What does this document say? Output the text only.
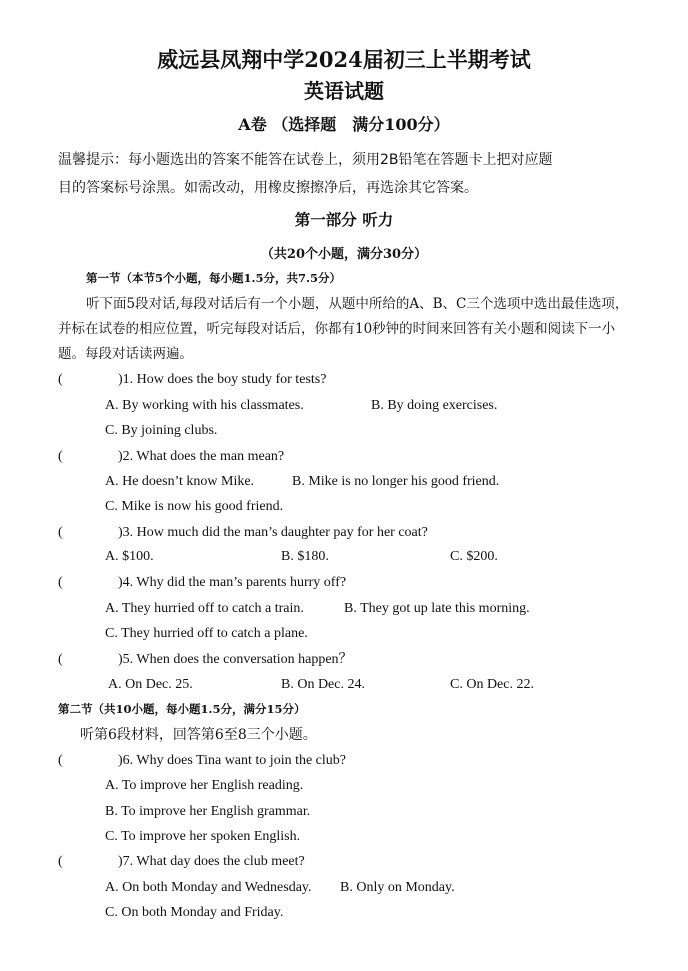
威远县凤翔中学2024届初三上半期考试
英语试题
A卷 （选择题　满分100分）
温馨提示：每小题选出的答案不能答在试卷上，须用2B铅笔在答题卡上把对应题
目的答案标号涂黑。如需改动，用橡皮擦擦净后，再选涂其它答案。
第一部分 听力
（共20个小题，满分30分）
第一节（本节5个小题，每小题1.5分，共7.5分）
听下面5段对话,每段对话后有一个小题，从题中所给的A、B、C三个选项中选出最佳选项，并标在试卷的相应位置，听完每段对话后，你都有10秒钟的时间来回答有关小题和阅读下一小题。每段对话读两遍。
(	)1. How does the boy study for tests?
A. By working with his classmates.	B. By doing exercises.
C. By joining clubs.
(	)2. What does the man mean?
A. He doesn’t know Mike.	B. Mike is no longer his good friend.
C. Mike is now his good friend.
(	)3. How much did the man’s daughter pay for her coat?
A. $100.	B. $180.	C. $200.
(	)4. Why did the man’s parents hurry off?
A. They hurried off to catch a train.	B. They got up late this morning.
C. They hurried off to catch a plane.
(	)5. When does the conversation happen？
A. On Dec. 25.	B. On Dec. 24.	C. On Dec. 22.
第二节（共10小题，每小题1.5分，满分15分）
听第6段材料，回答第6至8三个小题。
(	)6. Why does Tina want to join the club?
A. To improve her English reading.
B. To improve her English grammar.
C. To improve her spoken English.
(	)7. What day does the club meet?
A. On both Monday and Wednesday. B. Only on Monday.
C. On both Monday and Friday.
